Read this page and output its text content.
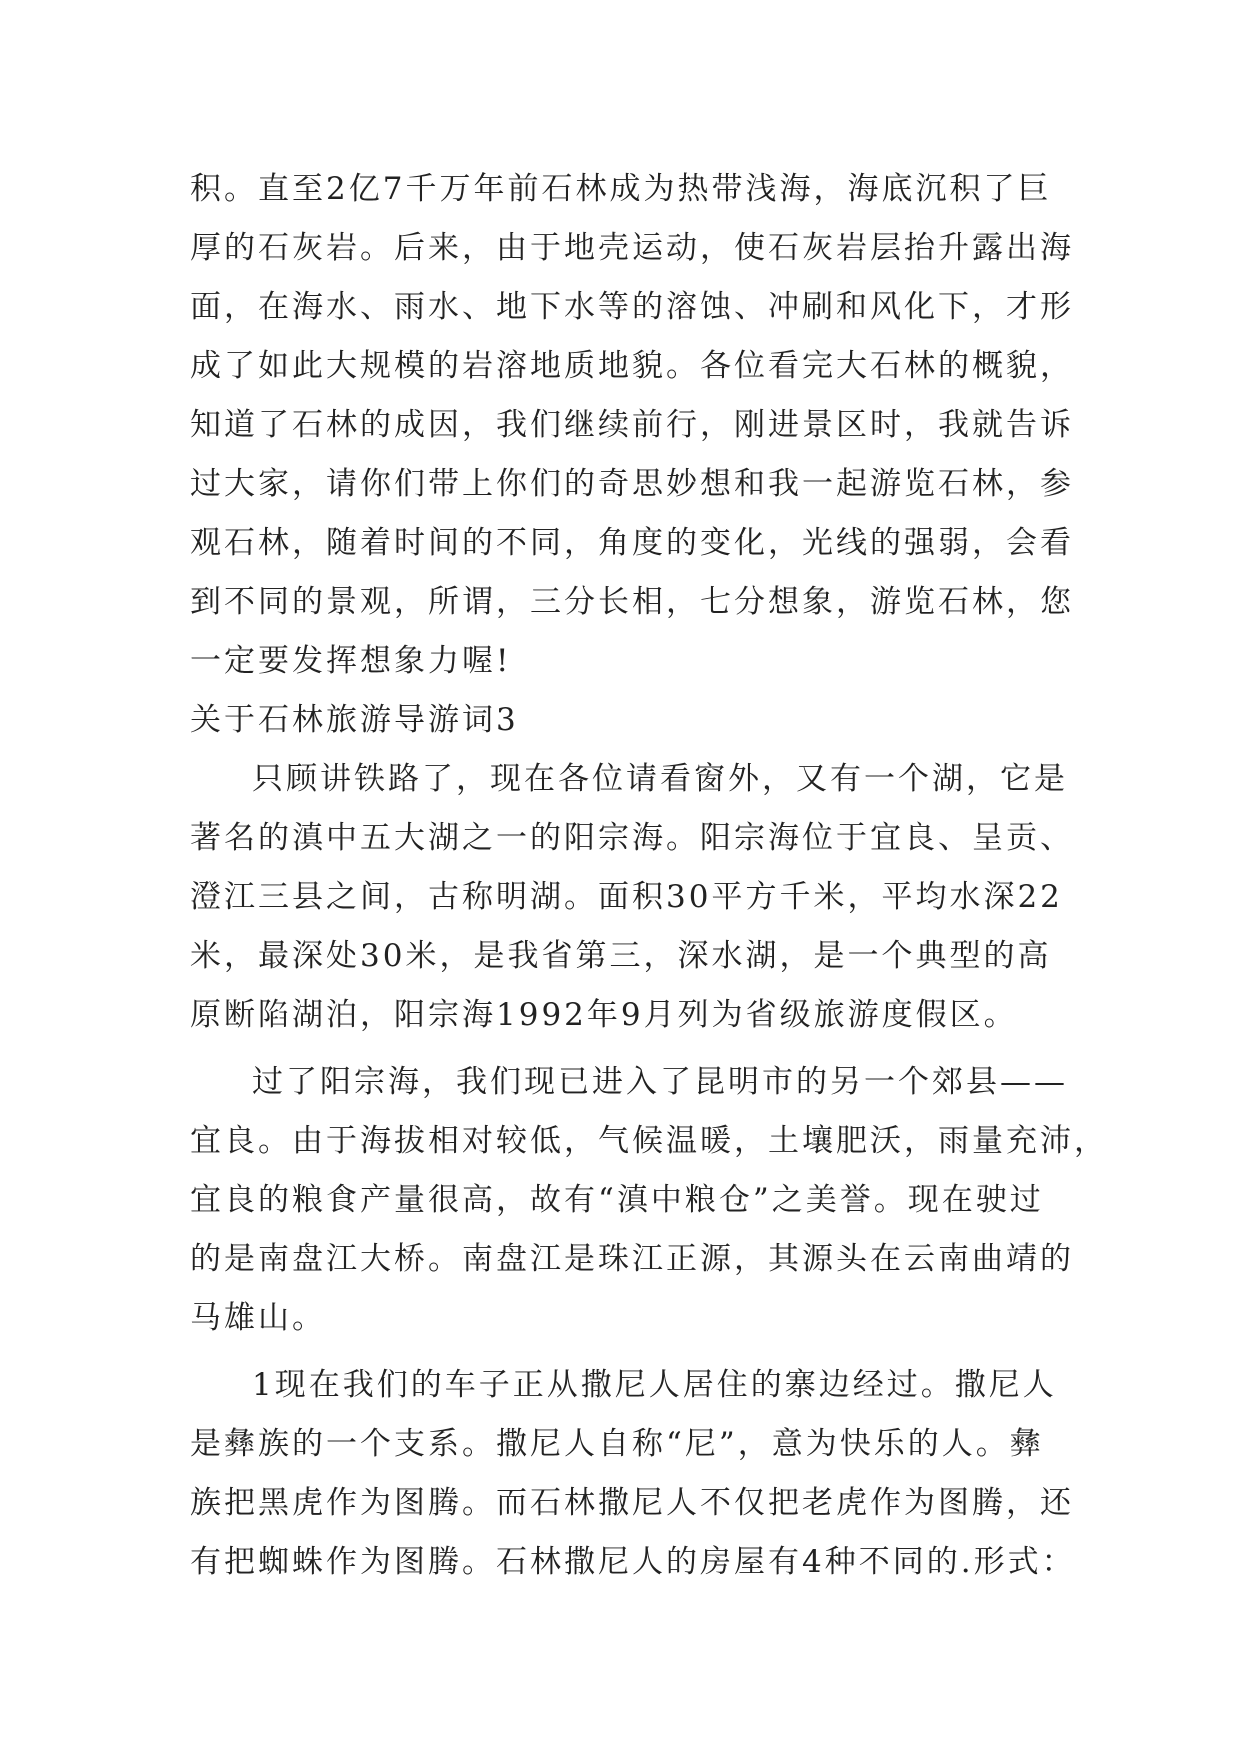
积。直至2亿7千万年前石林成为热带浅海，海底沉积了巨
厚的石灰岩。后来，由于地壳运动，使石灰岩层抬升露出海
面，在海水、雨水、地下水等的溶蚀、冲刷和风化下，才形
成了如此大规模的岩溶地质地貌。各位看完大石林的概貌，
知道了石林的成因，我们继续前行，刚进景区时，我就告诉
过大家，请你们带上你们的奇思妙想和我一起游览石林，参
观石林，随着时间的不同，角度的变化，光线的强弱，会看
到不同的景观，所谓，三分长相，七分想象，游览石林，您
一定要发挥想象力喔!
关于石林旅游导游词3
只顾讲铁路了，现在各位请看窗外，又有一个湖，它是
著名的滇中五大湖之一的阳宗海。阳宗海位于宜良、呈贡、
澄江三县之间，古称明湖。面积30平方千米，平均水深22
米，最深处30米，是我省第三，深水湖，是一个典型的高
原断陷湖泊，阳宗海1992年9月列为省级旅游度假区。
过了阳宗海，我们现已进入了昆明市的另一个郊县——
宜良。由于海拔相对较低，气候温暖，土壤肥沃，雨量充沛，
宜良的粮食产量很高，故有“滇中粮仓”之美誉。现在驶过
的是南盘江大桥。南盘江是珠江正源，其源头在云南曲靖的
马雄山。
1现在我们的车子正从撒尼人居住的寨边经过。撒尼人
是彝族的一个支系。撒尼人自称“尼”，意为快乐的人。彝
族把黑虎作为图腾。而石林撒尼人不仅把老虎作为图腾，还
有把蜘蛛作为图腾。石林撒尼人的房屋有4种不同的.形式：
